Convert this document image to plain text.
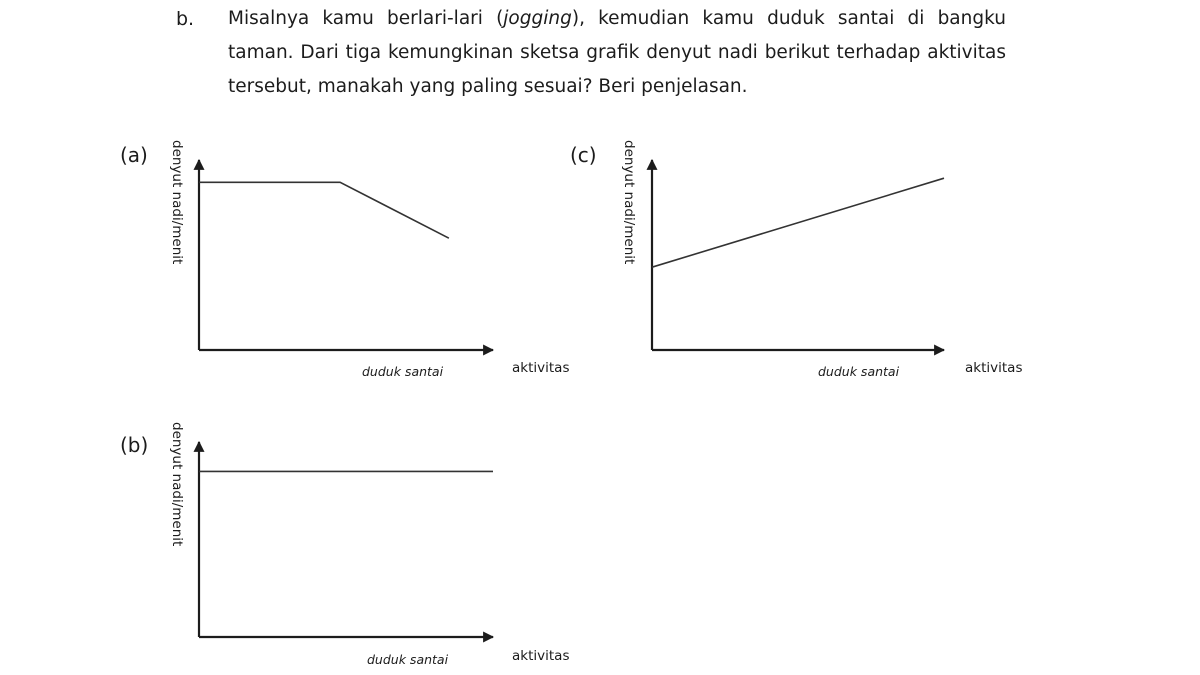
b. Misalnya kamu berlari-lari (jogging), kemudian kamu duduk santai di bangku taman. Dari tiga kemungkinan sketsa grafik denyut nadi berikut terhadap aktivitas tersebut, manakah yang paling sesuai? Beri penjelasan.
(a) denyut nadi/menit
aktivitas
duduk santai
(b) denyut nadi/menit
aktivitas
duduk santai
(c) denyut nadi/menit
aktivitas
duduk santai
